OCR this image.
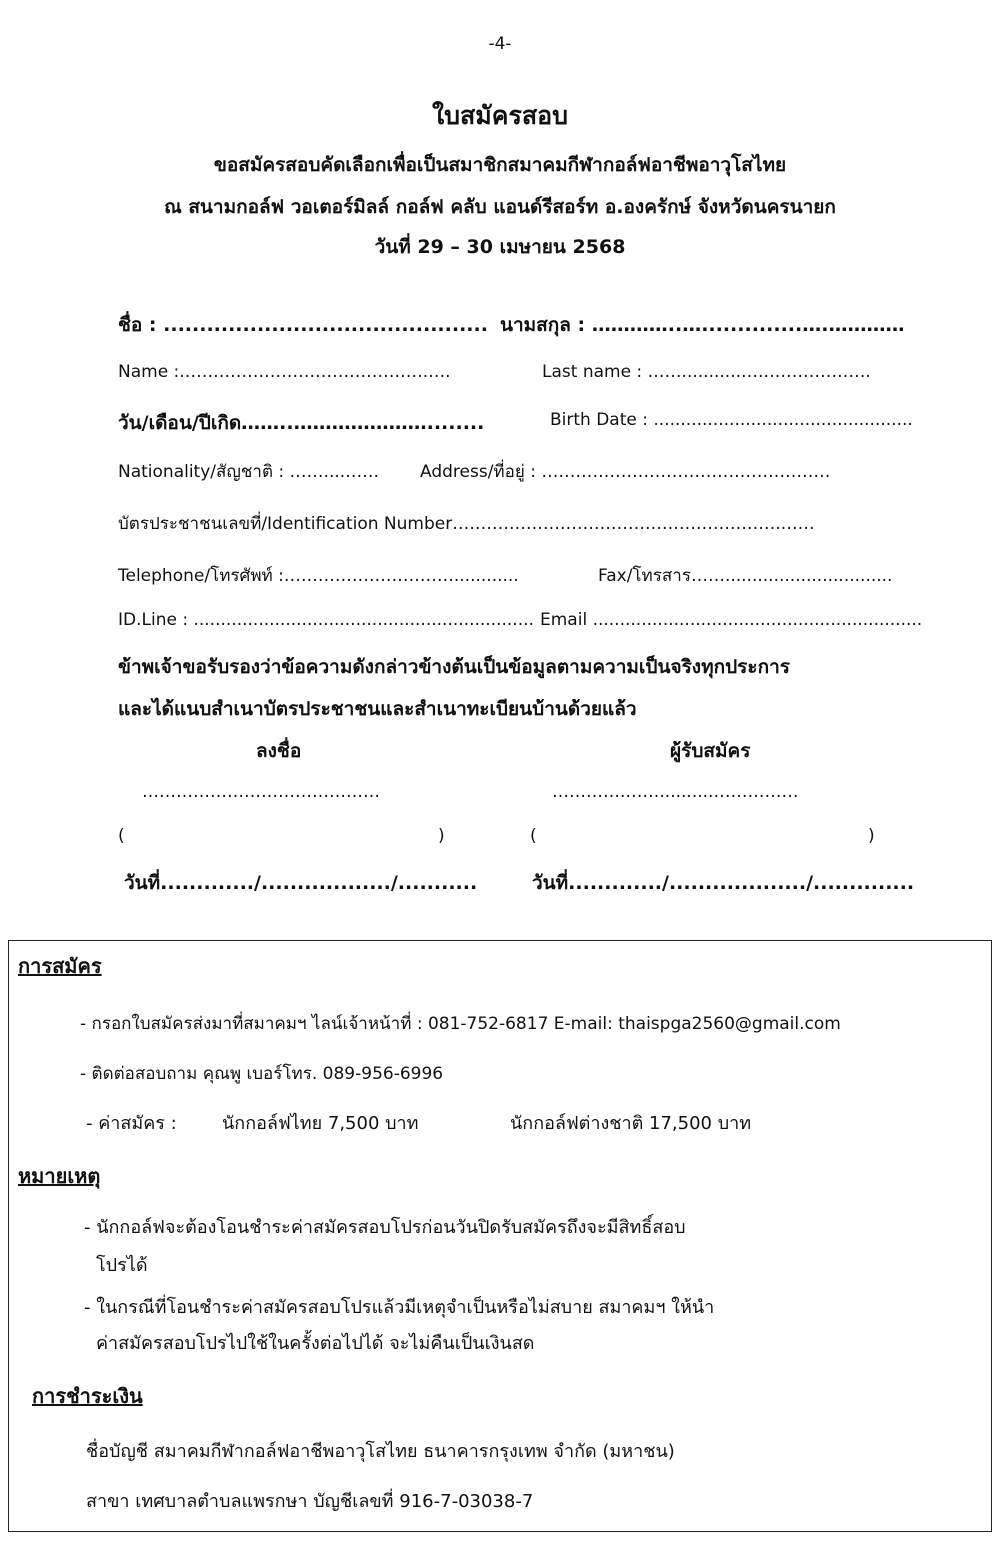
-4-
ใบสมัครสอบ
ขอสมัครสอบคัดเลือกเพื่อเป็นสมาชิกสมาคมกีฬากอล์ฟอาชีพอาวุโสไทย
ณ สนามกอล์ฟ วอเตอร์มิลล์ กอล์ฟ คลับ แอนด์รีสอร์ท อ.องครักษ์ จังหวัดนครนายก
วันที่ 29 – 30 เมษายน 2568
ชื่อ : ............................................. นามสกุล : …………..…..............….…………
Name :.…………………………………….….	Last name : ……...........….……………….
วัน/เดือน/ปีเกิด……..…………………........	Birth Date : ................................................
Nationality/สัญชาติ : ……....…… Address/ที่อยู่ : ……………………………………………
บัตรประชาชนเลขที่/Identification Number………………………………………………….……
Telephone/โทรศัพท์ :…………………………............	Fax/โทรสาร……...............................
ID.Line : ............................................................... Email .............................................................
ข้าพเจ้าขอรับรองว่าข้อความดังกล่าวข้างต้นเป็นข้อมูลตามความเป็นจริงทุกประการ
และได้แนบสำเนาบัตรประชาชนและสำเนาทะเบียนบ้านด้วยแล้ว
ลงชื่อ	ผู้รับสมัคร
……………………………………	………….……..........……………
(	)	(	)
วันที่............./................../...........	วันที่............./.................../..............
การสมัคร
- กรอกใบสมัครส่งมาที่สมาคมฯ ไลน์เจ้าหน้าที่ : 081-752-6817 E-mail: thaispga2560@gmail.com
- ติดต่อสอบถาม คุณพู เบอร์โทร. 089-956-6996
- ค่าสมัคร :	นักกอล์ฟไทย 7,500 บาท	นักกอล์ฟต่างชาติ 17,500 บาท
หมายเหตุ
- นักกอล์ฟจะต้องโอนชำระค่าสมัครสอบโปรก่อนวันปิดรับสมัครถึงจะมีสิทธิ์สอบ
โปรได้
- ในกรณีที่โอนชำระค่าสมัครสอบโปรแล้วมีเหตุจำเป็นหรือไม่สบาย สมาคมฯ ให้นำ
ค่าสมัครสอบโปรไปใช้ในครั้งต่อไปได้ จะไม่คืนเป็นเงินสด
การชำระเงิน
ชื่อบัญชี สมาคมกีฬากอล์ฟอาชีพอาวุโสไทย ธนาคารกรุงเทพ จำกัด (มหาชน)
สาขา เทศบาลตำบลแพรกษา บัญชีเลขที่ 916-7-03038-7
